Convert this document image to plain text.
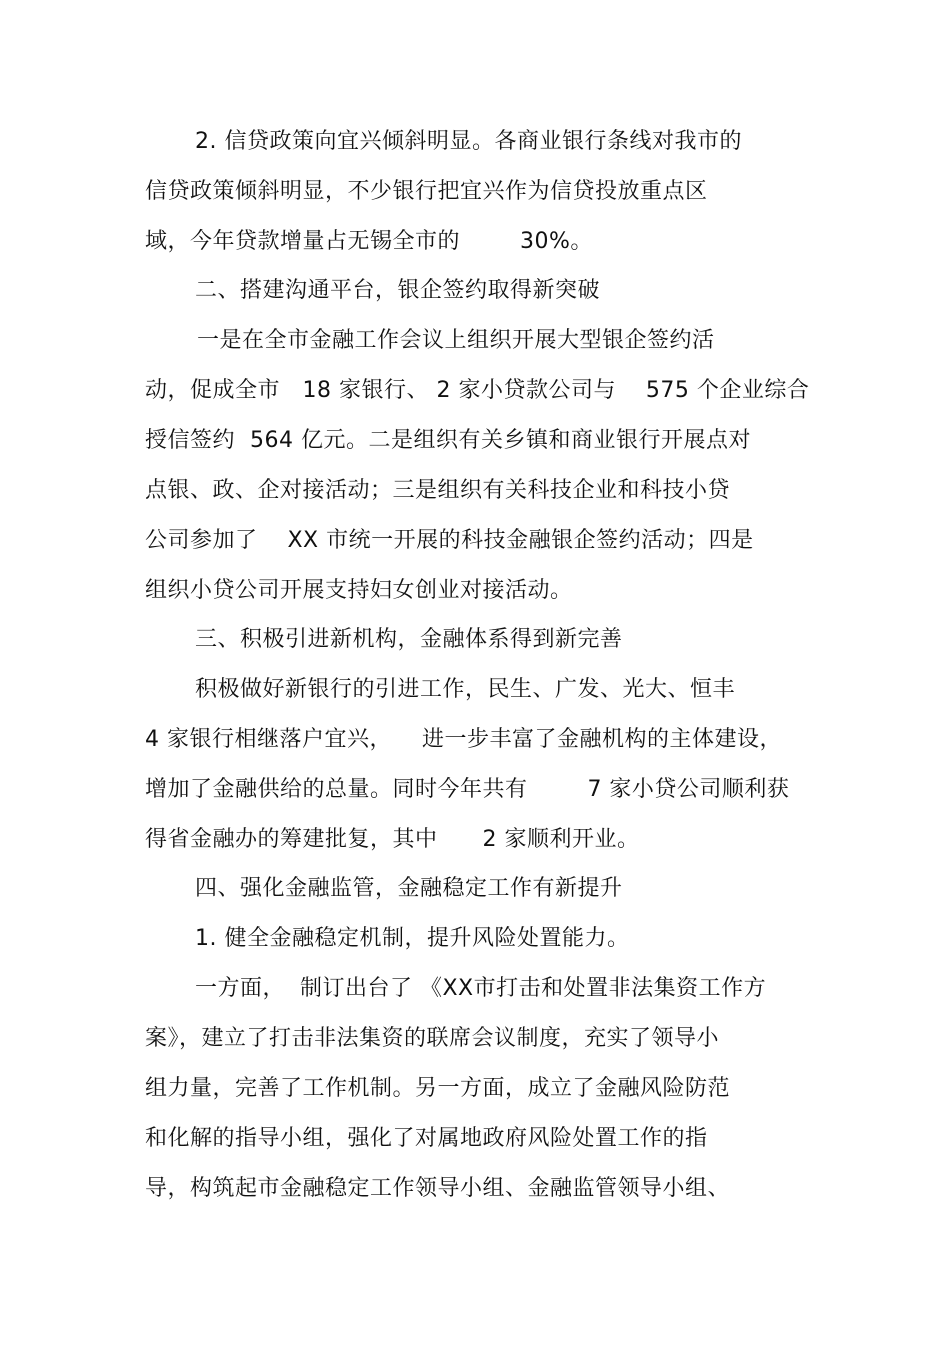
2. 信贷政策向宜兴倾斜明显。各商业银行条线对我市的
信贷政策倾斜明显，不少银行把宜兴作为信贷投放重点区
域，今年贷款增量占无锡全市的        30%。
二、搭建沟通平台，银企签约取得新突破
一是在全市金融工作会议上组织开展大型银企签约活
动，促成全市   18 家银行、 2 家小贷款公司与    575 个企业综合
授信签约  564 亿元。二是组织有关乡镇和商业银行开展点对
点银、政、企对接活动；三是组织有关科技企业和科技小贷
公司参加了    XX 市统一开展的科技金融银企签约活动；四是
组织小贷公司开展支持妇女创业对接活动。
三、积极引进新机构，金融体系得到新完善
积极做好新银行的引进工作，民生、广发、光大、恒丰
4 家银行相继落户宜兴，    进一步丰富了金融机构的主体建设，
增加了金融供给的总量。同时今年共有        7 家小贷公司顺利获
得省金融办的筹建批复，其中      2 家顺利开业。
四、强化金融监管，金融稳定工作有新提升
1. 健全金融稳定机制，提升风险处置能力。
一方面，  制订出台了 《XX市打击和处置非法集资工作方
案》，建立了打击非法集资的联席会议制度，充实了领导小
组力量，完善了工作机制。另一方面，成立了金融风险防范
和化解的指导小组，强化了对属地政府风险处置工作的指
导，构筑起市金融稳定工作领导小组、金融监管领导小组、
